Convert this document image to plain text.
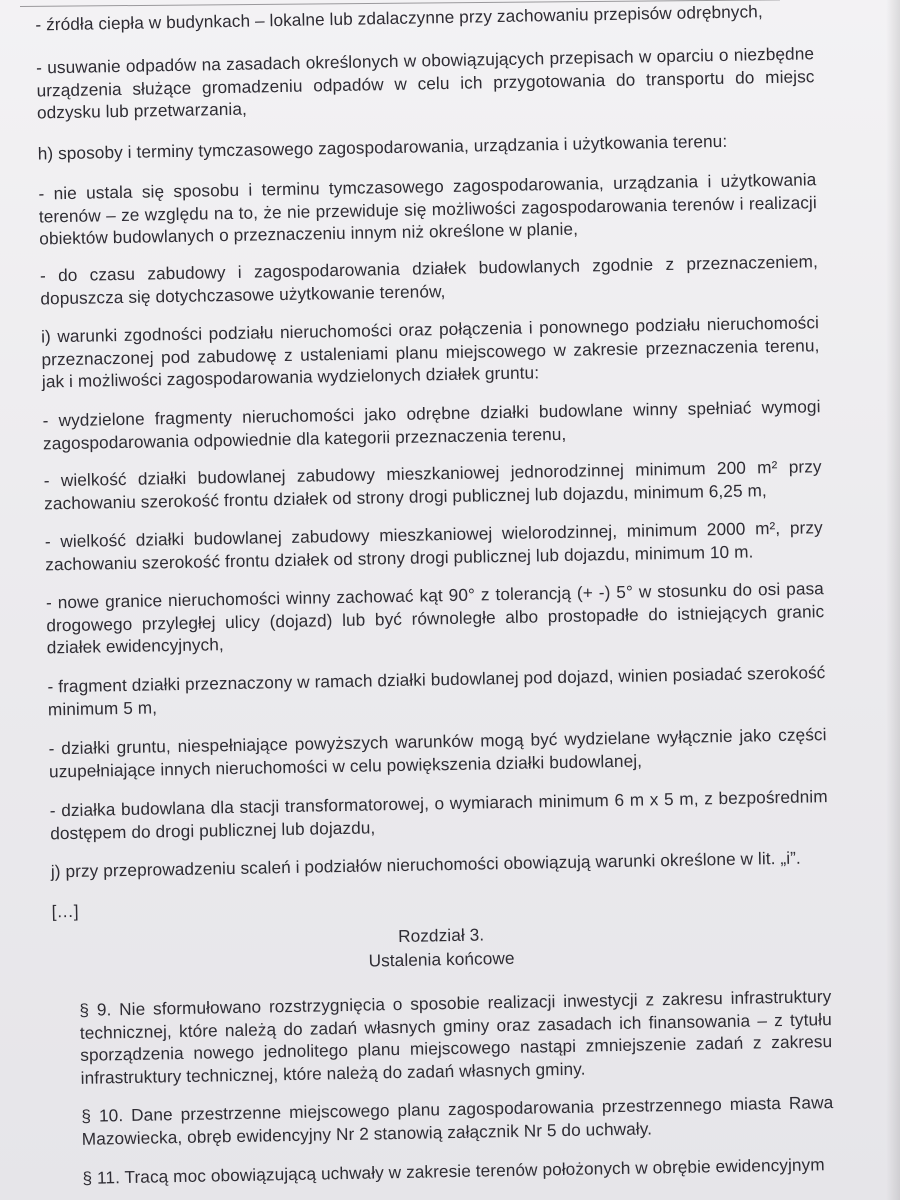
- źródła ciepła w budynkach – lokalne lub zdalaczynne przy zachowaniu przepisów odrębnych,

- usuwanie odpadów na zasadach określonych w obowiązujących przepisach w oparciu o niezbędne urządzenia służące gromadzeniu odpadów w celu ich przygotowania do transportu do miejsc odzysku lub przetwarzania,

h) sposoby i terminy tymczasowego zagospodarowania, urządzania i użytkowania terenu:

- nie ustala się sposobu i terminu tymczasowego zagospodarowania, urządzania i użytkowania terenów – ze względu na to, że nie przewiduje się możliwości zagospodarowania terenów i realizacji obiektów budowlanych o przeznaczeniu innym niż określone w planie,

- do czasu zabudowy i zagospodarowania działek budowlanych zgodnie z przeznaczeniem, dopuszcza się dotychczasowe użytkowanie terenów,

i) warunki zgodności podziału nieruchomości oraz połączenia i ponownego podziału nieruchomości przeznaczonej pod zabudowę z ustaleniami planu miejscowego w zakresie przeznaczenia terenu, jak i możliwości zagospodarowania wydzielonych działek gruntu:

- wydzielone fragmenty nieruchomości jako odrębne działki budowlane winny spełniać wymogi zagospodarowania odpowiednie dla kategorii przeznaczenia terenu,

- wielkość działki budowlanej zabudowy mieszkaniowej jednorodzinnej minimum 200 m² przy zachowaniu szerokość frontu działek od strony drogi publicznej lub dojazdu, minimum 6,25 m,

- wielkość działki budowlanej zabudowy mieszkaniowej wielorodzinnej, minimum 2000 m², przy zachowaniu szerokość frontu działek od strony drogi publicznej lub dojazdu, minimum 10 m.

- nowe granice nieruchomości winny zachować kąt 90° z tolerancją (+ -) 5° w stosunku do osi pasa drogowego przyległej ulicy (dojazd) lub być równoległe albo prostopadłe do istniejących granic działek ewidencyjnych,

- fragment działki przeznaczony w ramach działki budowlanej pod dojazd, winien posiadać szerokość minimum 5 m,

- działki gruntu, niespełniające powyższych warunków mogą być wydzielane wyłącznie jako części uzupełniające innych nieruchomości w celu powiększenia działki budowlanej,

- działka budowlana dla stacji transformatorowej, o wymiarach minimum 6 m x 5 m, z bezpośrednim dostępem do drogi publicznej lub dojazdu,

j) przy przeprowadzeniu scaleń i podziałów nieruchomości obowiązują warunki określone w lit. „i”.

[…]

Rozdział 3.

Ustalenia końcowe

§ 9. Nie sformułowano rozstrzygnięcia o sposobie realizacji inwestycji z zakresu infrastruktury technicznej, które należą do zadań własnych gminy oraz zasadach ich finansowania – z tytułu sporządzenia nowego jednolitego planu miejscowego nastąpi zmniejszenie zadań z zakresu infrastruktury technicznej, które należą do zadań własnych gminy.

§ 10. Dane przestrzenne miejscowego planu zagospodarowania przestrzennego miasta Rawa Mazowiecka, obręb ewidencyjny Nr 2 stanowią załącznik Nr 5 do uchwały.

§ 11. Tracą moc obowiązującą uchwały w zakresie terenów położonych w obrębie ewidencyjnym
